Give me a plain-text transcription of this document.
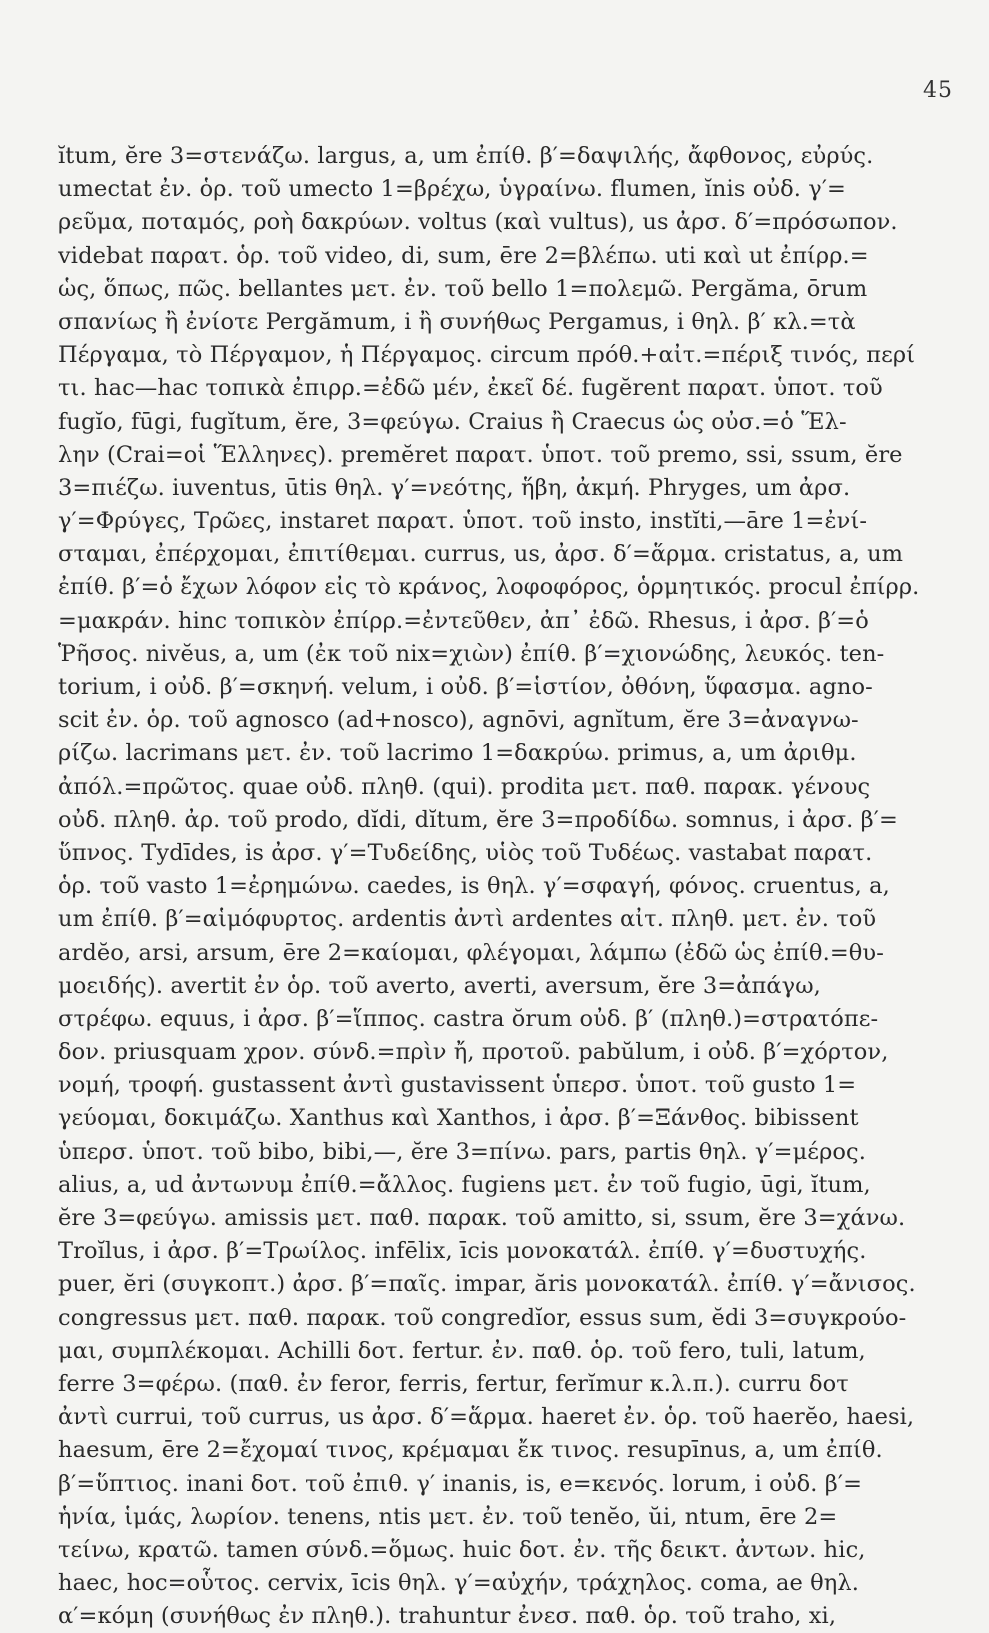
45
ĭtum, ĕre 3=στενάζω. largus, a, um ἐπίθ. β′=δαψιλής, ἄφθονος, εὐρύς.
umectat ἐν. ὁρ. τοῦ umecto 1=βρέχω, ὑγραίνω. flumen, ĭnis οὐδ. γ′=
ρεῦμα, ποταμός, ροὴ δακρύων. voltus (καὶ vultus), us ἀρσ. δ′=πρόσωπον.
videbat παρατ. ὁρ. τοῦ video, di, sum, ēre 2=βλέπω. uti καὶ ut ἐπίρρ.=
ὡς, ὅπως, πῶς. bellantes μετ. ἐν. τοῦ bello 1=πολεμῶ. Pergăma, ōrum
σπανίως ἢ ἐνίοτε Pergămum, i ἢ συνήθως Pergamus, i θηλ. β′ κλ.=τὰ
Πέργαμα, τὸ Πέργαμον, ἡ Πέργαμος. circum πρόθ.+αἰτ.=πέριξ τινός, περί
τι. hac—hac τοπικὰ ἐπιρρ.=ἐδῶ μέν, ἐκεῖ δέ. fugĕrent παρατ. ὑποτ. τοῦ
fugĭo, fūgi, fugĭtum, ĕre, 3=φεύγω. Craius ἢ Craecus ὡς οὐσ.=ὁ Ἕλ-
λην (Crai=οἱ Ἕλληνες). premĕret παρατ. ὑποτ. τοῦ premo, ssi, ssum, ĕre
3=πιέζω. iuventus, ūtis θηλ. γ′=νεότης, ἥβη, ἀκμή. Phryges, um ἀρσ.
γ′=Φρύγες, Τρῶες, instaret παρατ. ὑποτ. τοῦ insto, instĭti,—āre 1=ἐνί-
σταμαι, ἐπέρχομαι, ἐπιτίθεμαι. currus, us, ἀρσ. δ′=ἅρμα. cristatus, a, um
ἐπίθ. β′=ὁ ἔχων λόφον εἰς τὸ κράνος, λοφοφόρος, ὁρμητικός. procul ἐπίρρ.
=μακράν. hinc τοπικὸν ἐπίρρ.=ἐντεῦθεν, ἀπ᾽ ἐδῶ. Rhesus, i ἀρσ. β′=ὁ
Ῥῆσος. nivĕus, a, um (ἐκ τοῦ nix=χιὼν) ἐπίθ. β′=χιονώδης, λευκός. ten-
torium, i οὐδ. β′=σκηνή. velum, i οὐδ. β′=ἱστίον, ὀθόνη, ὕφασμα. agno-
scit ἐν. ὁρ. τοῦ agnosco (ad+nosco), agnōvi, agnĭtum, ĕre 3=ἀναγνω-
ρίζω. lacrimans μετ. ἐν. τοῦ lacrimo 1=δακρύω. primus, a, um ἀριθμ.
ἀπόλ.=πρῶτος. quae οὐδ. πληθ. (qui). prodita μετ. παθ. παρακ. γένους
οὐδ. πληθ. ἀρ. τοῦ prodo, dĭdi, dĭtum, ĕre 3=προδίδω. somnus, i ἀρσ. β′=
ὕπνος. Tydīdes, is ἀρσ. γ′=Τυδείδης, υἱὸς τοῦ Τυδέως. vastabat παρατ.
ὁρ. τοῦ vasto 1=ἐρημώνω. caedes, is θηλ. γ′=σφαγή, φόνος. cruentus, a,
um ἐπίθ. β′=αἱμόφυρτος. ardentis ἀντὶ ardentes αἰτ. πληθ. μετ. ἐν. τοῦ
ardĕo, arsi, arsum, ēre 2=καίομαι, φλέγομαι, λάμπω (ἐδῶ ὡς ἐπίθ.=θυ-
μοειδής). avertit ἐν ὁρ. τοῦ averto, averti, aversum, ĕre 3=ἀπάγω,
στρέφω. equus, i ἀρσ. β′=ἵππος. castra ŏrum οὐδ. β′ (πληθ.)=στρατόπε-
δον. priusquam χρον. σύνδ.=πρὶν ἤ, προτοῦ. pabŭlum, i οὐδ. β′=χόρτον,
νομή, τροφή. gustassent ἀντὶ gustavissent ὑπερσ. ὑποτ. τοῦ gusto 1=
γεύομαι, δοκιμάζω. Xanthus καὶ Xanthos, i ἀρσ. β′=Ξάνθος. bibissent
ὑπερσ. ὑποτ. τοῦ bibo, bibi,—, ĕre 3=πίνω. pars, partis θηλ. γ′=μέρος.
alius, a, ud ἀντωνυμ ἐπίθ.=ἄλλος. fugiens μετ. ἐν τοῦ fugio, ūgi, ĭtum,
ĕre 3=φεύγω. amissis μετ. παθ. παρακ. τοῦ amitto, si, ssum, ĕre 3=χάνω.
Troĭlus, i ἀρσ. β′=Τρωίλος. infēlix, īcis μονοκατάλ. ἐπίθ. γ′=δυστυχής.
puer, ĕri (συγκοπτ.) ἀρσ. β′=παῖς. impar, ăris μονοκατάλ. ἐπίθ. γ′=ἄνισος.
congressus μετ. παθ. παρακ. τοῦ congredĭor, essus sum, ĕdi 3=συγκρούο-
μαι, συμπλέκομαι. Achilli δοτ. fertur. ἐν. παθ. ὁρ. τοῦ fero, tuli, latum,
ferre 3=φέρω. (παθ. ἐν feror, ferris, fertur, ferĭmur κ.λ.π.). curru δοτ
ἀντὶ currui, τοῦ currus, us ἀρσ. δ′=ἅρμα. haeret ἐν. ὁρ. τοῦ haerĕo, haesi,
haesum, ēre 2=ἔχομαί τινος, κρέμαμαι ἔκ τινος. resupīnus, a, um ἐπίθ.
β′=ὕπτιος. inani δοτ. τοῦ ἐπιθ. γ′ inanis, is, e=κενός. lorum, i οὐδ. β′=
ἡνία, ἱμάς, λωρίον. tenens, ntis μετ. ἐν. τοῦ tenĕo, ŭi, ntum, ēre 2=
τείνω, κρατῶ. tamen σύνδ.=ὅμως. huic δοτ. ἐν. τῆς δεικτ. ἀντων. hic,
haec, hoc=οὗτος. cervix, īcis θηλ. γ′=αὐχήν, τράχηλος. coma, ae θηλ.
α′=κόμη (συνήθως ἐν πληθ.). trahuntur ἐνεσ. παθ. ὁρ. τοῦ traho, xi,
